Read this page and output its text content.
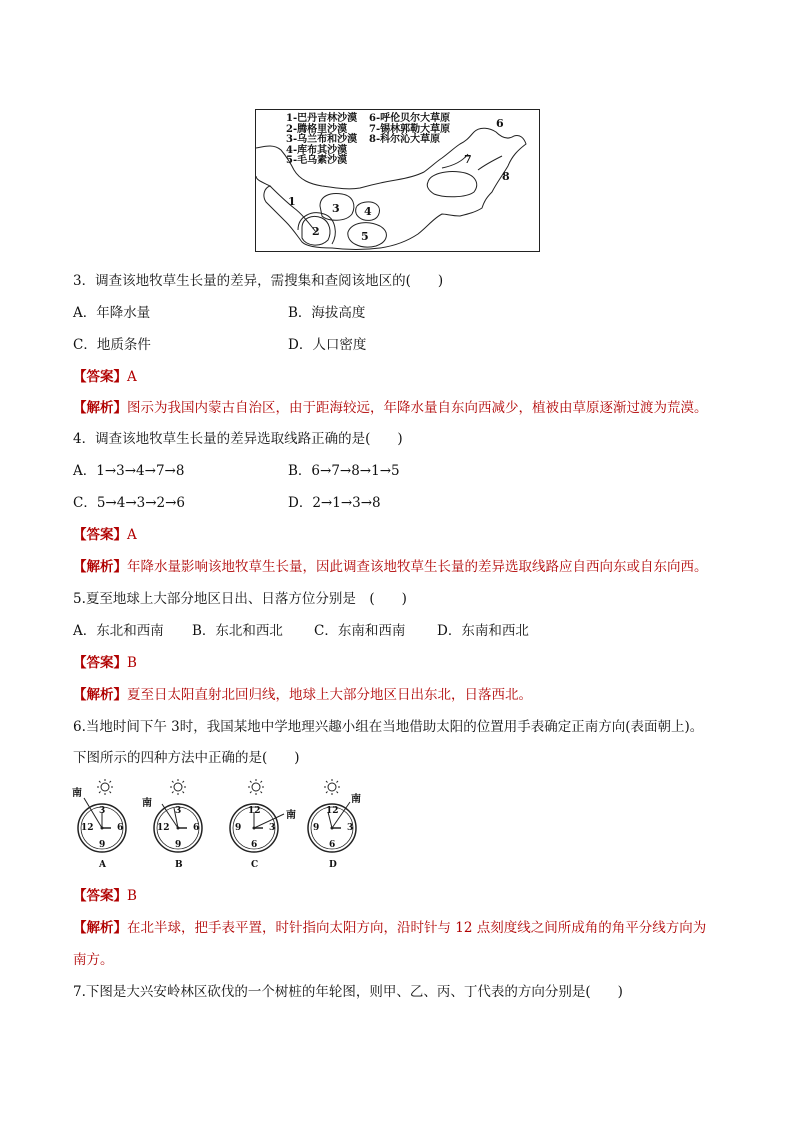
1-巴丹吉林沙漠
2-腾格里沙漠
3-乌兰布和沙漠
4-库布其沙漠
5-毛乌素沙漠
6-呼伦贝尔大草原
7-锡林郭勒大草原
8-科尔沁大草原
1
2
3 4
5
6
7
8
3．调查该地牧草生长量的差异，需搜集和查阅该地区的(　　)
A．年降水量	B．海拔高度
C．地质条件	D．人口密度
【答案】A
【解析】图示为我国内蒙古自治区，由于距海较远，年降水量自东向西减少，植被由草原逐渐过渡为荒漠。
4．调查该地牧草生长量的差异选取线路正确的是(　　)
A．1→3→4→7→8	B．6→7→8→1→5
C．5→4→3→2→6	D．2→1→3→8
【答案】A
【解析】年降水量影响该地牧草生长量，因此调查该地牧草生长量的差异选取线路应自西向东或自东向西。
5.夏至地球上大部分地区日出、日落方位分别是　(　　)
A．东北和西南 B．东北和西北 C．东南和西南 D．东南和西北
【答案】B
【解析】夏至日太阳直射北回归线，地球上大部分地区日出东北，日落西北。
6.当地时间下午 3时，我国某地中学地理兴趣小组在当地借助太阳的位置用手表确定正南方向(表面朝上)。
下图所示的四种方法中正确的是(　　)
南
3
12	6
9
A
南
3
12	6
9
B
南
12
9	3
6
C
南
12
9	3
6
D
【答案】B
【解析】在北半球，把手表平置，时针指向太阳方向，沿时针与 12 点刻度线之间所成角的角平分线方向为
南方。
7.下图是大兴安岭林区砍伐的一个树桩的年轮图，则甲、乙、丙、丁代表的方向分别是(　　)
